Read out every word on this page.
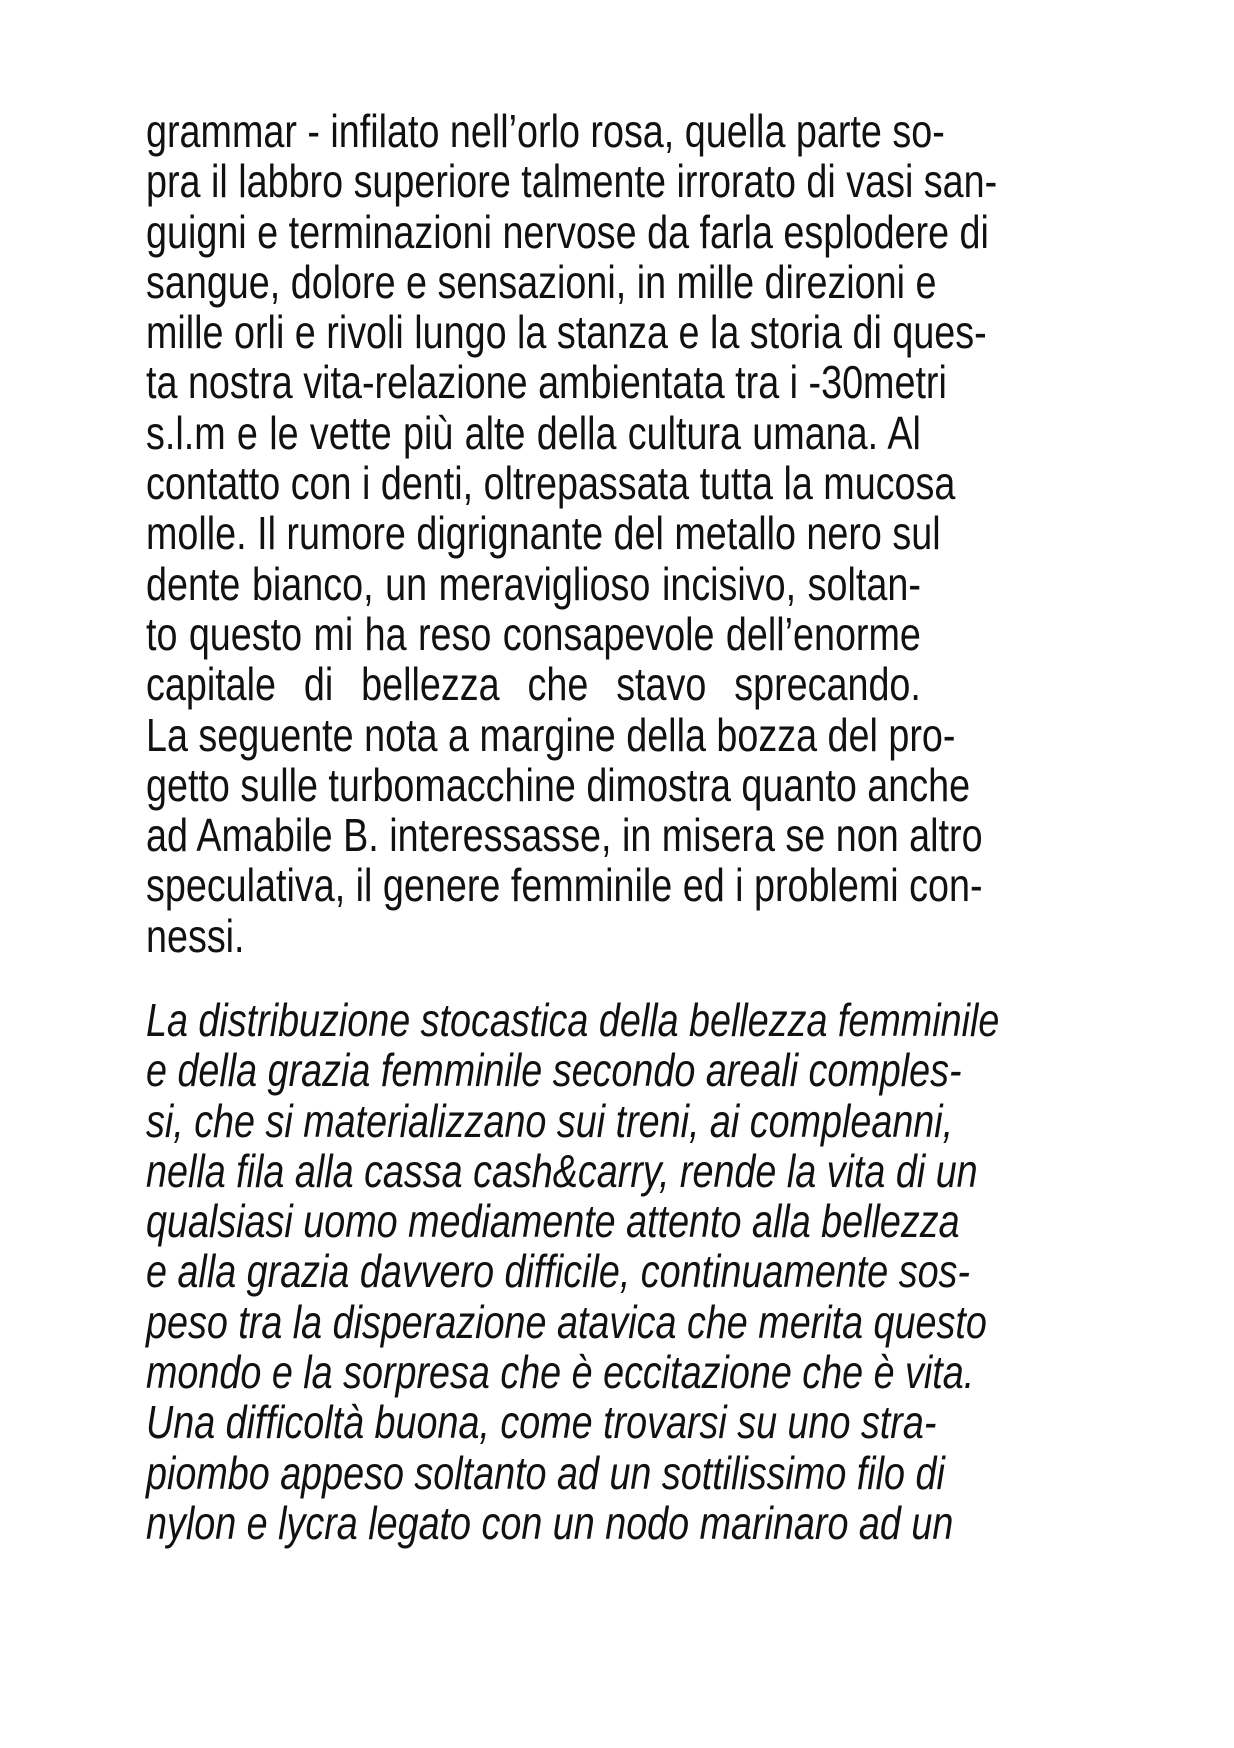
grammar - infilato nell’orlo rosa, quella parte so-
pra il labbro superiore talmente irrorato di vasi san-
guigni e terminazioni nervose da farla esplodere di
sangue, dolore e sensazioni, in mille direzioni e
mille orli e rivoli lungo la stanza e la storia di ques-
ta nostra vita-relazione ambientata tra i -30metri
s.l.m e le vette più alte della cultura umana. Al
contatto con i denti, oltrepassata tutta la mucosa
molle. Il rumore digrignante del metallo nero sul
dente bianco, un meraviglioso incisivo, soltan-
to questo mi ha reso consapevole dell’enorme
capitale di bellezza che stavo sprecando.
La seguente nota a margine della bozza del pro-
getto sulle turbomacchine dimostra quanto anche
ad Amabile B. interessasse, in misera se non altro
speculativa, il genere femminile ed i problemi con-
nessi.
La distribuzione stocastica della bellezza femminile
e della grazia femminile secondo areali comples-
si, che si materializzano sui treni, ai compleanni,
nella fila alla cassa cash&carry, rende la vita di un
qualsiasi uomo mediamente attento alla bellezza
e alla grazia davvero difficile, continuamente sos-
peso tra la disperazione atavica che merita questo
mondo e la sorpresa che è eccitazione che è vita.
Una difficoltà buona, come trovarsi su uno stra-
piombo appeso soltanto ad un sottilissimo filo di
nylon e lycra legato con un nodo marinaro ad un
